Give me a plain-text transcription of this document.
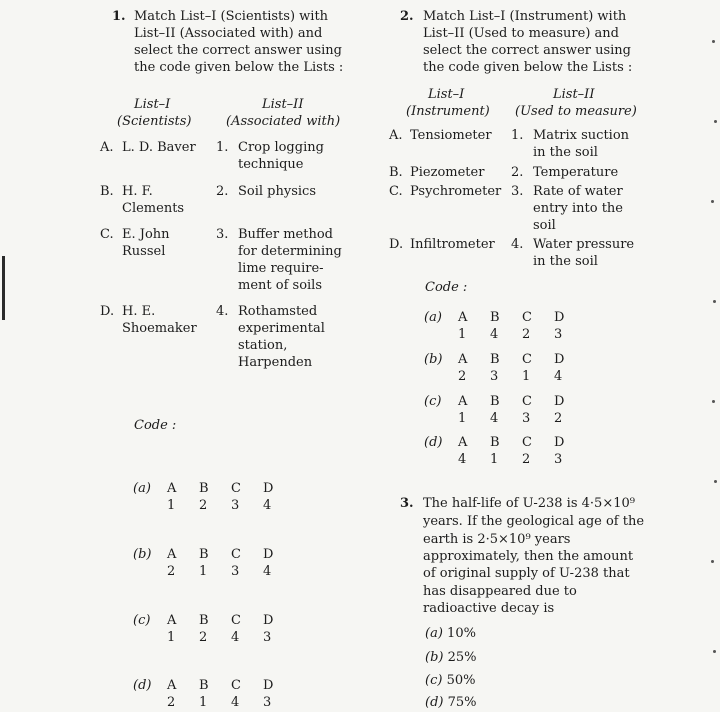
1. Match List–I (Scientists) with
List–II (Associated with) and
select the correct answer using
the code given below the Lists :
List–I
(Scientists)
List–II
(Associated with)
A. L. D. Baver 1. Crop logging
technique
B. H. F.
Clements
2. Soil physics
C. E. John
Russel
3. Buffer method
for determining
lime require-
ment of soils
D. H. E.
Shoemaker
4. Rothamsted
experimental
station,
Harpenden
Code :
(a) A B C D
1 2 3 4
(b) A B C D
2 1 3 4
(c) A B C D
1 2 4 3
(d) A B C D
2 1 4 3
2. Match List–I (Instrument) with
List–II (Used to measure) and
select the correct answer using
the code given below the Lists :
List–I
(Instrument)
List–II
(Used to measure)
A. Tensiometer 1. Matrix suction
in the soil
B. Piezometer 2. Temperature
C. Psychrometer 3. Rate of water
entry into the
soil
D. Infiltrometer 4. Water pressure
in the soil
Code :
(a) A B C D
1 4 2 3
(b) A B C D
2 3 1 4
(c) A B C D
1 4 3 2
(d) A B C D
4 1 2 3
3. The half-life of U-238 is 4·5×10⁹
years. If the geological age of the
earth is 2·5×10⁹ years
approximately, then the amount
of original supply of U-238 that
has disappeared due to
radioactive decay is
(a) 10%
(b) 25%
(c) 50%
(d) 75%
